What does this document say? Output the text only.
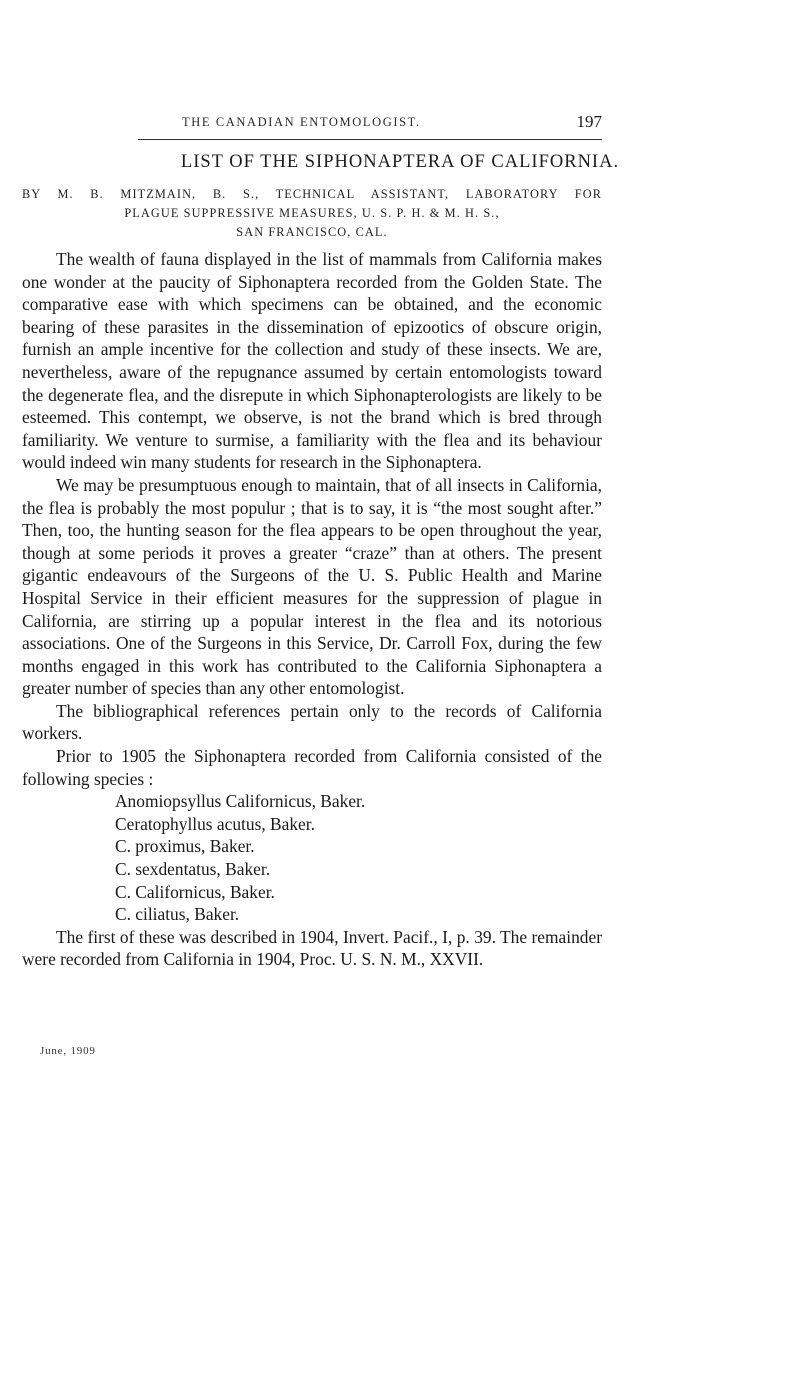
THE CANADIAN ENTOMOLOGIST.	197
LIST OF THE SIPHONAPTERA OF CALIFORNIA.
BY M. B. MITZMAIN, B. S., TECHNICAL ASSISTANT, LABORATORY FOR
PLAGUE SUPPRESSIVE MEASURES, U. S. P. H. & M. H. S.,
SAN FRANCISCO, CAL.

The wealth of fauna displayed in the list of mammals from California makes one wonder at the paucity of Siphonaptera recorded from the Golden State. The comparative ease with which specimens can be obtained, and the economic bearing of these parasites in the dissemination of epizootics of obscure origin, furnish an ample incentive for the collection and study of these insects. We are, nevertheless, aware of the repugnance assumed by certain entomologists toward the degenerate flea, and the disrepute in which Siphonapterologists are likely to be esteemed. This contempt, we observe, is not the brand which is bred through familiarity. We venture to surmise, a familiarity with the flea and its behaviour would indeed win many students for research in the Siphonaptera.

We may be presumptuous enough to maintain, that of all insects in California, the flea is probably the most populur ; that is to say, it is “the most sought after.” Then, too, the hunting season for the flea appears to be open throughout the year, though at some periods it proves a greater “craze” than at others. The present gigantic endeavours of the Surgeons of the U. S. Public Health and Marine Hospital Service in their efficient measures for the suppression of plague in California, are stirring up a popular interest in the flea and its notorious associations. One of the Surgeons in this Service, Dr. Carroll Fox, during the few months engaged in this work has contributed to the California Siphonaptera a greater number of species than any other entomologist.

The bibliographical references pertain only to the records of California workers.

Prior to 1905 the Siphonaptera recorded from California consisted of the following species :

Anomiopsyllus Californicus, Baker.
Ceratophyllus acutus, Baker.
C. proximus, Baker.
C. sexdentatus, Baker.
C. Californicus, Baker.
C. ciliatus, Baker.

The first of these was described in 1904, Invert. Pacif., I, p. 39. The remainder were recorded from California in 1904, Proc. U. S. N. M., XXVII.

June, 1909
